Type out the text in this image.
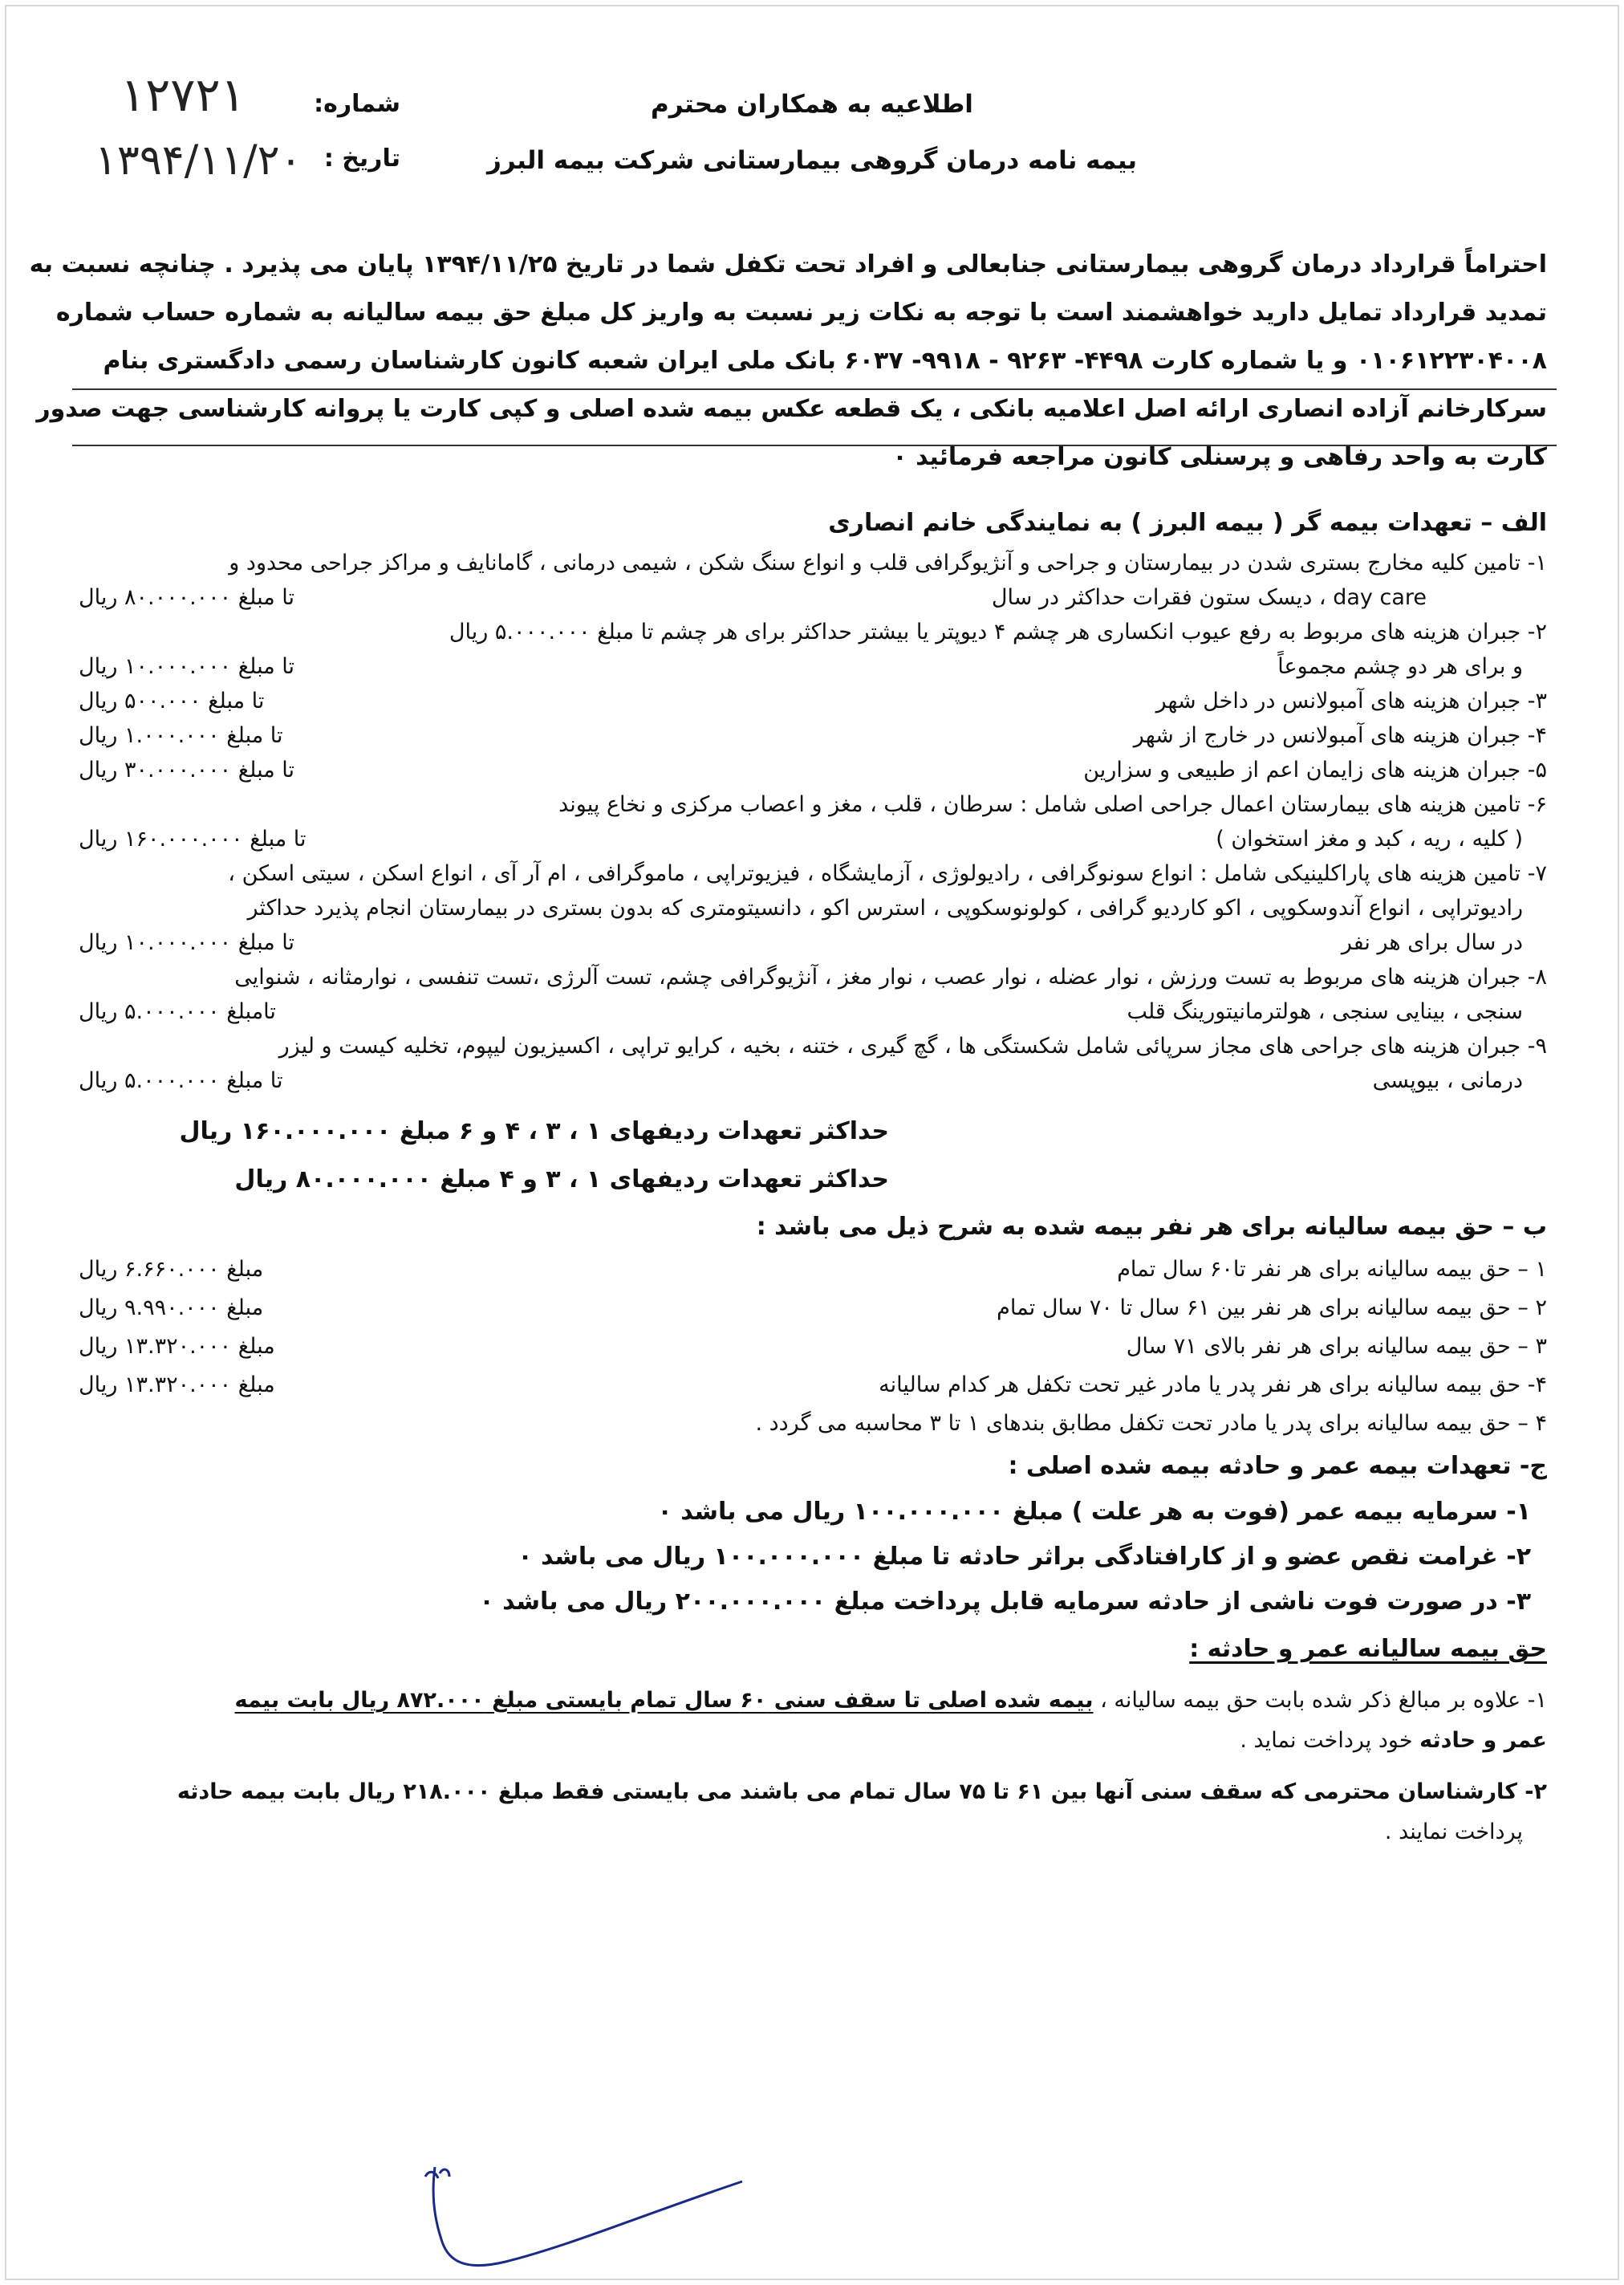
شماره:
۱۲۷۲۱
تاریخ :
۱۳۹۴/۱۱/۲۰
اطلاعیه به همکاران محترم
بیمه نامه درمان گروهی بیمارستانی شرکت بیمه البرز

احتراماً قرارداد درمان گروهی بیمارستانی جنابعالی و افراد تحت تکفل شما در تاریخ ۱۳۹۴/۱۱/۲۵ پایان می پذیرد . چنانچه نسبت به

تمدید قرارداد تمایل دارید خواهشمند است با توجه به نکات زیر نسبت به واریز کل مبلغ حق بیمه سالیانه به شماره حساب شماره

۰۱۰۶۱۲۲۳۰۴۰۰۸ و یا شماره کارت ۴۴۹۸- ۹۲۶۳ - ۹۹۱۸- ۶۰۳۷ بانک ملی ایران شعبه کانون کارشناسان رسمی دادگستری بنام

سرکارخانم آزاده انصاری ارائه اصل اعلامیه بانکی ، یک قطعه عکس بیمه شده اصلی و کپی کارت یا پروانه کارشناسی جهت صدور

کارت به واحد رفاهی و پرسنلی کانون مراجعه فرمائید ۰

الف – تعهدات بیمه گر ( بیمه البرز ) به نمایندگی خانم انصاری
۱- تامین کلیه مخارج بستری شدن در بیمارستان و جراحی و آنژیوگرافی قلب و انواع سنگ شکن ، شیمی درمانی ، گامانایف و مراکز جراحی محدود و
day care ، دیسک ستون فقرات حداکثر در سال
تا مبلغ ۸۰.۰۰۰.۰۰۰ ریال
۲- جبران هزینه های مربوط به رفع عیوب انکساری هر چشم ۴ دیوپتر یا بیشتر حداکثر برای هر چشم تا مبلغ ۵.۰۰۰.۰۰۰ ریال
و برای هر دو چشم مجموعاً
تا مبلغ ۱۰.۰۰۰.۰۰۰ ریال
۳- جبران هزینه های آمبولانس در داخل شهر
تا مبلغ ۵۰۰.۰۰۰ ریال
۴- جبران هزینه های آمبولانس در خارج از شهر
تا مبلغ ۱.۰۰۰.۰۰۰ ریال
۵- جبران هزینه های زایمان اعم از طبیعی و سزارین
تا مبلغ ۳۰.۰۰۰.۰۰۰ ریال
۶- تامین هزینه های بیمارستان اعمال جراحی اصلی شامل : سرطان ، قلب ، مغز و اعصاب مرکزی و نخاع پیوند
( کلیه ، ریه ، کبد و مغز استخوان )
تا مبلغ ۱۶۰.۰۰۰.۰۰۰ ریال
۷- تامین هزینه های پاراکلینیکی شامل : انواع سونوگرافی ، رادیولوژی ، آزمایشگاه ، فیزیوتراپی ، ماموگرافی ، ام آر آی ، انواع اسکن ، سیتی اسکن ،
رادیوتراپی ، انواع آندوسکوپی ، اکو کاردیو گرافی ، کولونوسکوپی ، استرس اکو ، دانسیتومتری که بدون بستری در بیمارستان انجام پذیرد حداکثر
در سال برای هر نفر
تا مبلغ ۱۰.۰۰۰.۰۰۰ ریال
۸- جبران هزینه های مربوط به تست ورزش ، نوار عضله ، نوار عصب ، نوار مغز ، آنژیوگرافی چشم، تست آلرژی ،تست تنفسی ، نوارمثانه ، شنوایی
سنجی ، بینایی سنجی ، هولترمانیتورینگ قلب
تامبلغ ۵.۰۰۰.۰۰۰ ریال
۹- جبران هزینه های جراحی های مجاز سرپائی شامل شکستگی ها ، گچ گیری ، ختنه ، بخیه ، کرایو تراپی ، اکسیزیون لیپوم، تخلیه کیست و لیزر
درمانی ، بیوپسی
تا مبلغ ۵.۰۰۰.۰۰۰ ریال
حداکثر تعهدات ردیفهای ۱ ، ۳ ، ۴ و ۶ مبلغ ۱۶۰.۰۰۰.۰۰۰ ریال
حداکثر تعهدات ردیفهای ۱ ، ۳ و ۴ مبلغ ۸۰.۰۰۰.۰۰۰ ریال
ب – حق بیمه سالیانه برای هر نفر بیمه شده به شرح ذیل می باشد :
۱ – حق بیمه سالیانه برای هر نفر تا۶۰ سال تمام
مبلغ ۶.۶۶۰.۰۰۰ ریال
۲ – حق بیمه سالیانه برای هر نفر بین ۶۱ سال تا ۷۰ سال تمام
مبلغ ۹.۹۹۰.۰۰۰ ریال
۳ – حق بیمه سالیانه برای هر نفر بالای ۷۱ سال
مبلغ ۱۳.۳۲۰.۰۰۰ ریال
۴- حق بیمه سالیانه برای هر نفر پدر یا مادر غیر تحت تکفل هر کدام سالیانه
مبلغ ۱۳.۳۲۰.۰۰۰ ریال
۴ – حق بیمه سالیانه برای پدر یا مادر تحت تکفل مطابق بندهای ۱ تا ۳ محاسبه می گردد .
ج- تعهدات بیمه عمر و حادثه بیمه شده اصلی :
۱- سرمایه بیمه عمر (فوت به هر علت ) مبلغ ۱۰۰.۰۰۰.۰۰۰ ریال می باشد ۰
۲- غرامت نقص عضو و از کارافتادگی براثر حادثه تا مبلغ ۱۰۰.۰۰۰.۰۰۰ ریال می باشد ۰
۳- در صورت فوت ناشی از حادثه سرمایه قابل پرداخت مبلغ ۲۰۰.۰۰۰.۰۰۰ ریال می باشد ۰
حق بیمه سالیانه عمر و حادثه :
۱- علاوه بر مبالغ ذکر شده بابت حق بیمه سالیانه ، بیمه شده اصلی تا سقف سنی ۶۰ سال تمام بایستی مبلغ ۸۷۲.۰۰۰ ریال بابت بیمه
عمر و حادثه خود پرداخت نماید .
۲- کارشناسان محترمی که سقف سنی آنها بین ۶۱ تا ۷۵ سال تمام می باشند می بایستی فقط مبلغ ۲۱۸.۰۰۰ ریال بابت بیمه حادثه
پرداخت نمایند .
